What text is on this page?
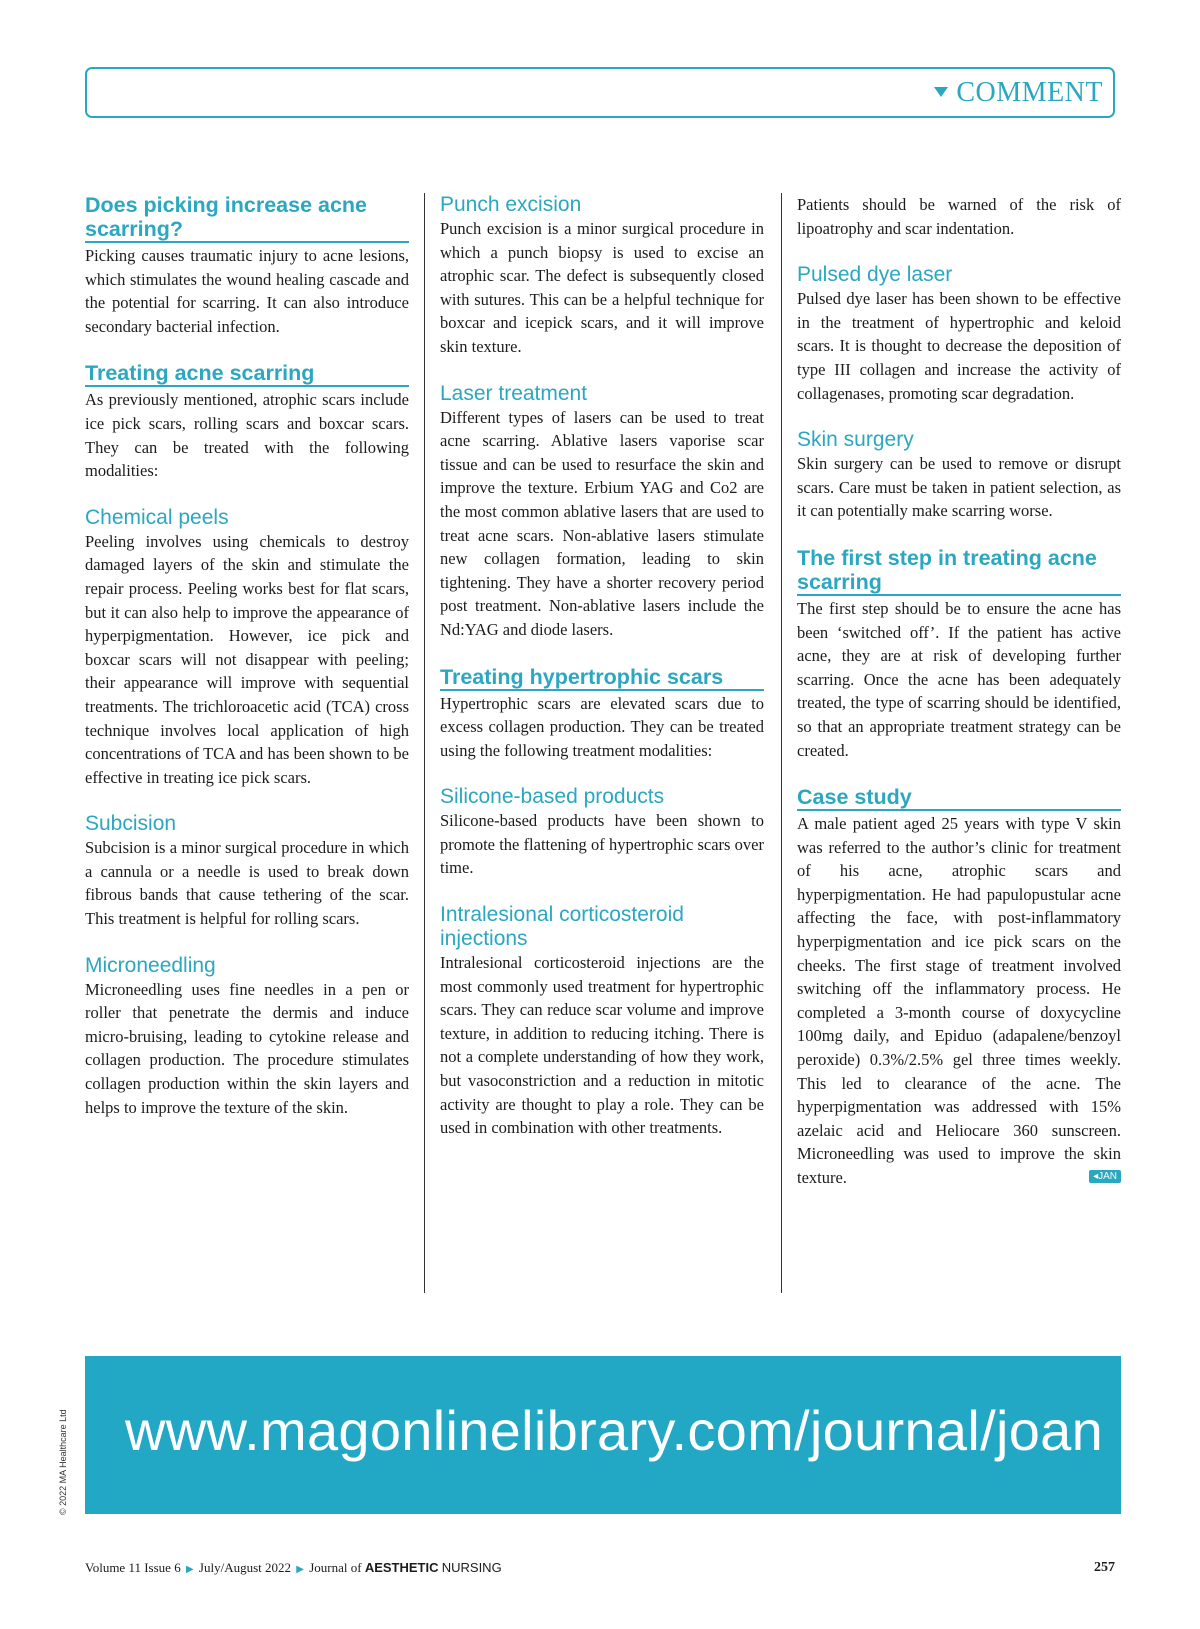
COMMENT
Does picking increase acne scarring?

Picking causes traumatic injury to acne lesions, which stimulates the wound healing cascade and the potential for scarring. It can also introduce secondary bacterial infection.

Treating acne scarring

As previously mentioned, atrophic scars include ice pick scars, rolling scars and boxcar scars. They can be treated with the following modalities:

Chemical peels

Peeling involves using chemicals to destroy damaged layers of the skin and stimulate the repair process. Peeling works best for flat scars, but it can also help to improve the appearance of hyperpigmentation. However, ice pick and boxcar scars will not disappear with peeling; their appearance will improve with sequential treatments. The trichloroacetic acid (TCA) cross technique involves local application of high concentrations of TCA and has been shown to be effective in treating ice pick scars.

Subcision

Subcision is a minor surgical procedure in which a cannula or a needle is used to break down fibrous bands that cause tethering of the scar. This treatment is helpful for rolling scars.

Microneedling

Microneedling uses fine needles in a pen or roller that penetrate the dermis and induce micro-bruising, leading to cytokine release and collagen production. The procedure stimulates collagen production within the skin layers and helps to improve the texture of the skin.

Punch excision

Punch excision is a minor surgical procedure in which a punch biopsy is used to excise an atrophic scar. The defect is subsequently closed with sutures. This can be a helpful technique for boxcar and icepick scars, and it will improve skin texture.

Laser treatment

Different types of lasers can be used to treat acne scarring. Ablative lasers vaporise scar tissue and can be used to resurface the skin and improve the texture. Erbium YAG and Co2 are the most common ablative lasers that are used to treat acne scars. Non-ablative lasers stimulate new collagen formation, leading to skin tightening. They have a shorter recovery period post treatment. Non-ablative lasers include the Nd:YAG and diode lasers.

Treating hypertrophic scars

Hypertrophic scars are elevated scars due to excess collagen production. They can be treated using the following treatment modalities:

Silicone-based products

Silicone-based products have been shown to promote the flattening of hypertrophic scars over time.

Intralesional corticosteroid injections

Intralesional corticosteroid injections are the most commonly used treatment for hypertrophic scars. They can reduce scar volume and improve texture, in addition to reducing itching. There is not a complete understanding of how they work, but vasoconstriction and a reduction in mitotic activity are thought to play a role. They can be used in combination with other treatments.

Patients should be warned of the risk of lipoatrophy and scar indentation.

Pulsed dye laser

Pulsed dye laser has been shown to be effective in the treatment of hypertrophic and keloid scars. It is thought to decrease the deposition of type III collagen and increase the activity of collagenases, promoting scar degradation.

Skin surgery

Skin surgery can be used to remove or disrupt scars. Care must be taken in patient selection, as it can potentially make scarring worse.

The first step in treating acne scarring

The first step should be to ensure the acne has been ‘switched off’. If the patient has active acne, they are at risk of developing further scarring. Once the acne has been adequately treated, the type of scarring should be identified, so that an appropriate treatment strategy can be created.

Case study

A male patient aged 25 years with type V skin was referred to the author’s clinic for treatment of his acne, atrophic scars and hyperpigmentation. He had papulopustular acne affecting the face, with post-inflammatory hyperpigmentation and ice pick scars on the cheeks. The first stage of treatment involved switching off the inflammatory process. He completed a 3-month course of doxycycline 100mg daily, and Epiduo (adapalene/benzoyl peroxide) 0.3%/2.5% gel three times weekly. This led to clearance of the acne. The hyperpigmentation was addressed with 15% azelaic acid and Heliocare 360 sunscreen. Microneedling was used to improve the skin texture.	◂JAN

www.magonlinelibrary.com/journal/joan
© 2022 MA Healthcare Ltd
Volume 11 Issue 6 ▶ July/August 2022 ▶ Journal of AESTHETIC NURSING	257
